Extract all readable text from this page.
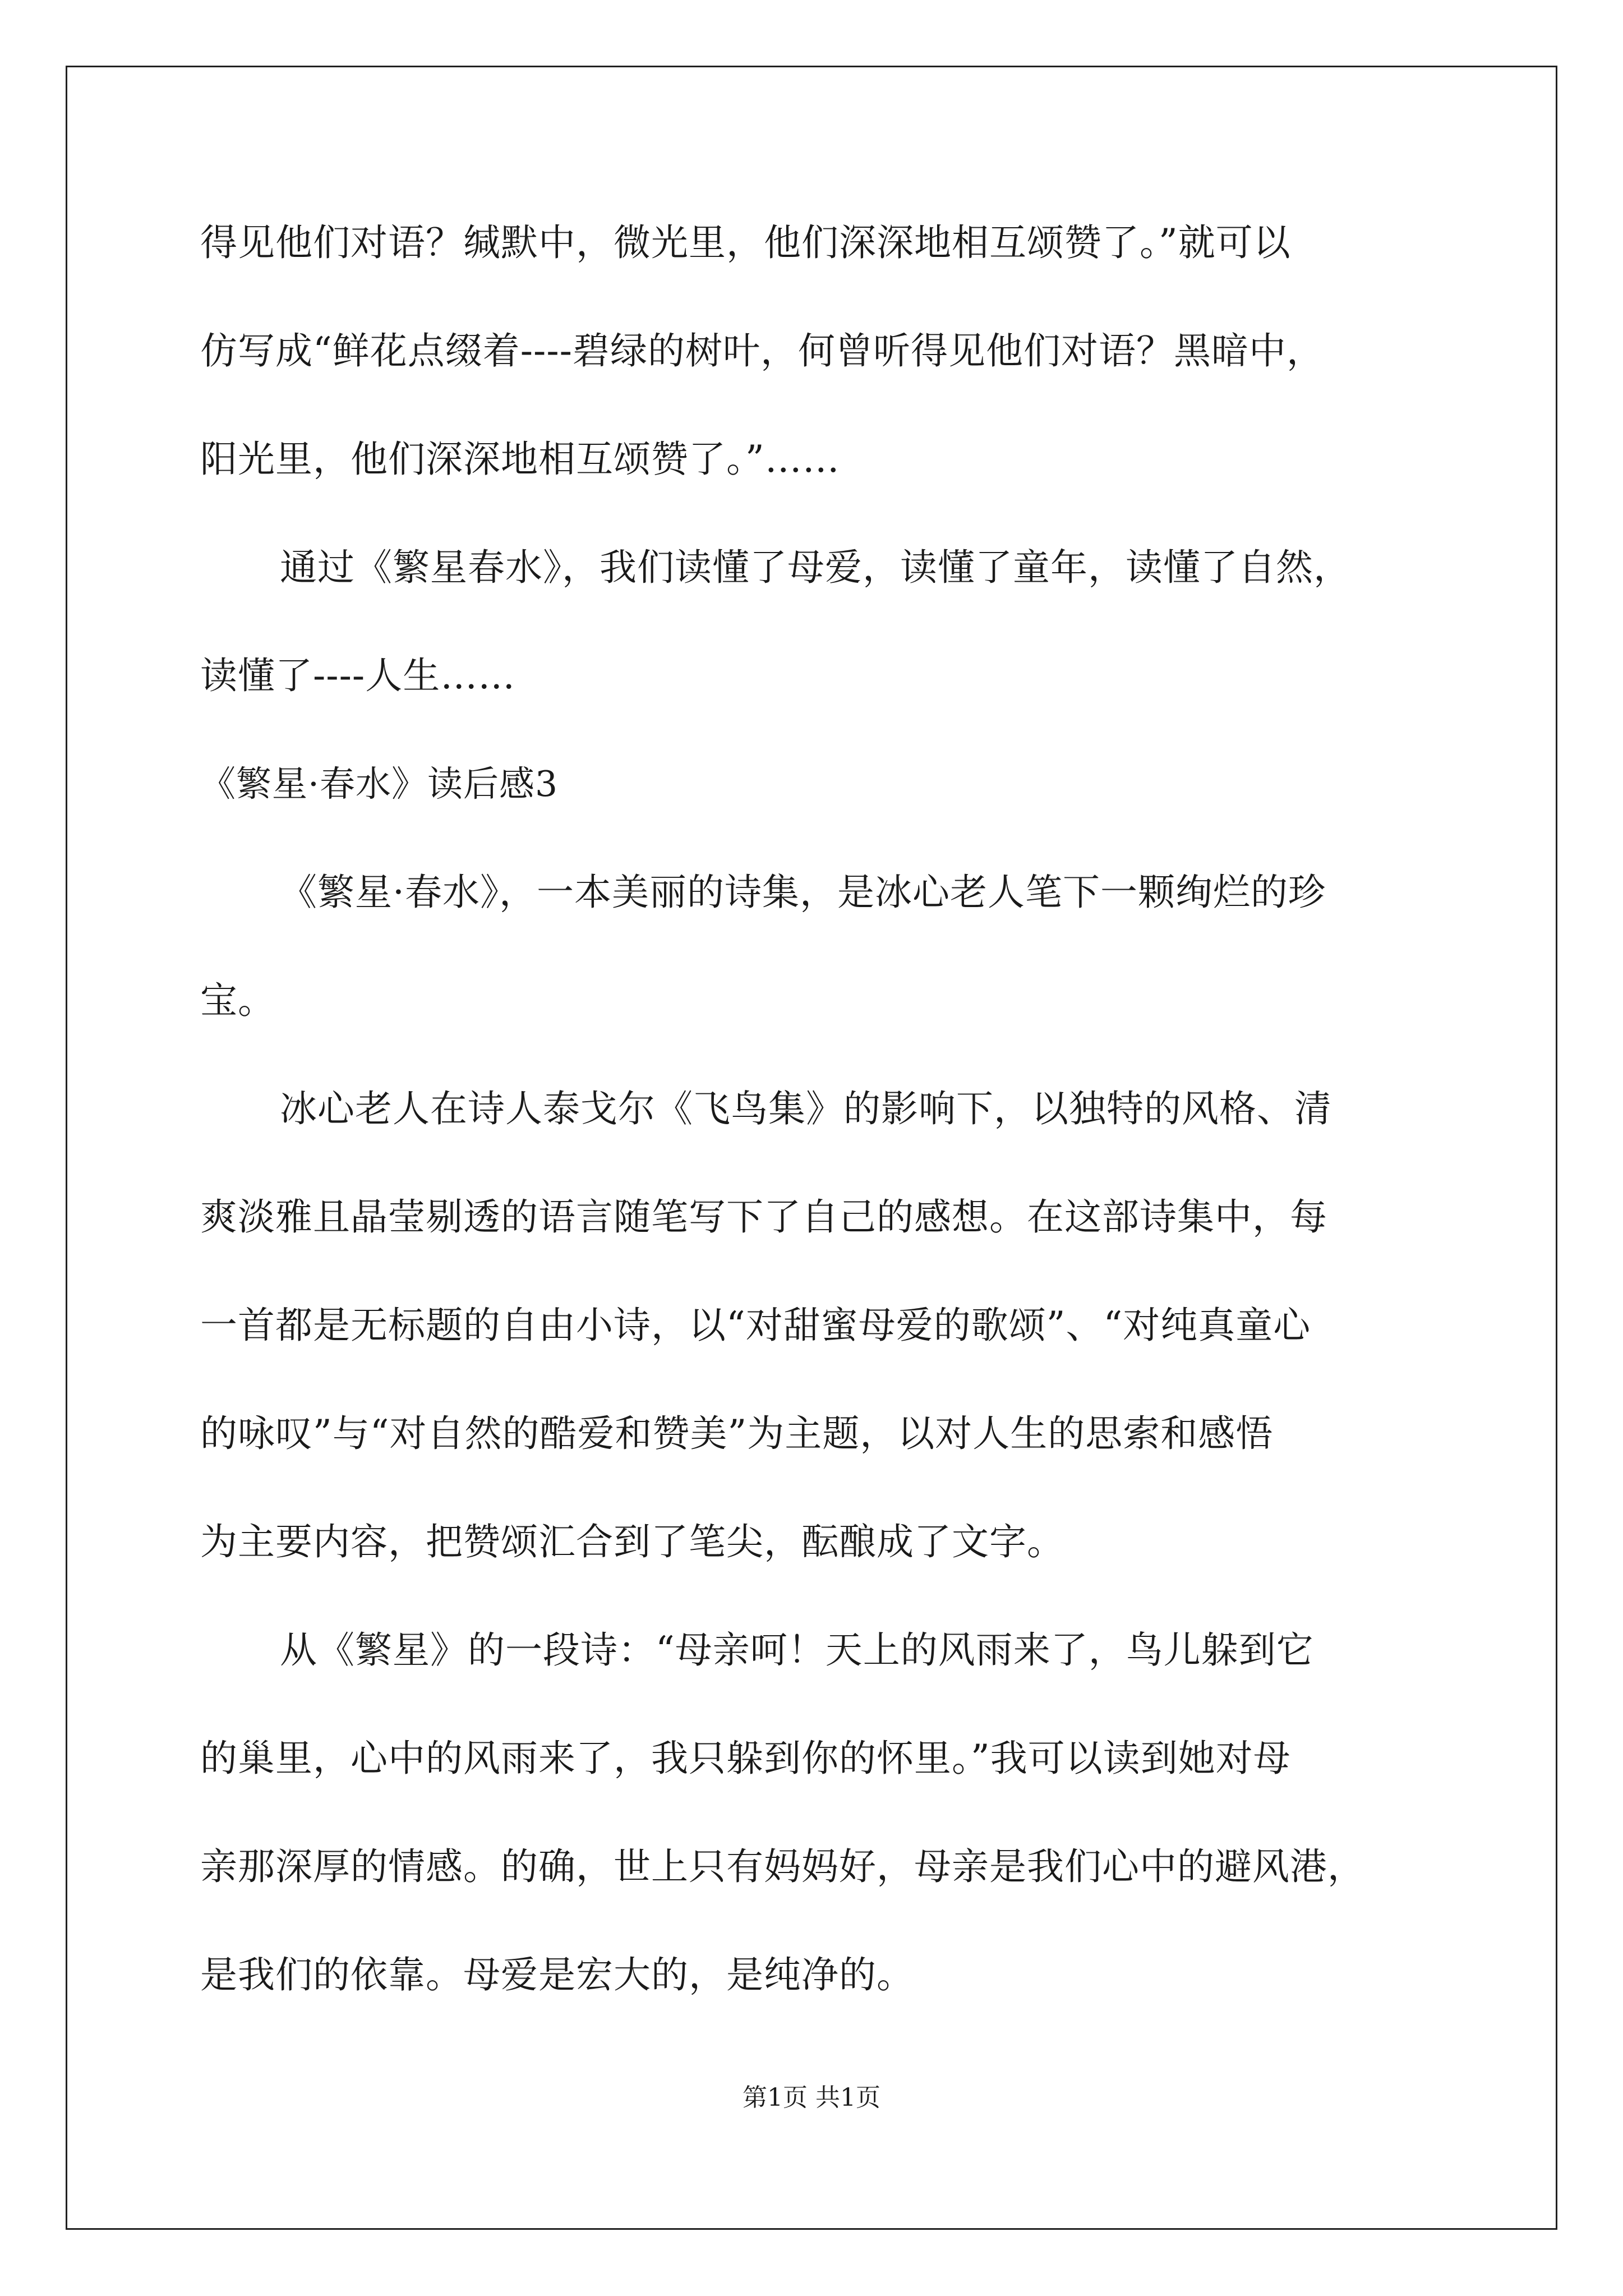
得见他们对语？缄默中，微光里，他们深深地相互颂赞了。”就可以
仿写成“鲜花点缀着----碧绿的树叶，何曾听得见他们对语？黑暗中，
阳光里，他们深深地相互颂赞了。”……
通过《繁星春水》，我们读懂了母爱，读懂了童年，读懂了自然，
读懂了----人生……
《繁星·春水》读后感3
《繁星·春水》，一本美丽的诗集，是冰心老人笔下一颗绚烂的珍
宝。
冰心老人在诗人泰戈尔《飞鸟集》的影响下，以独特的风格、清
爽淡雅且晶莹剔透的语言随笔写下了自己的感想。在这部诗集中，每
一首都是无标题的自由小诗，以“对甜蜜母爱的歌颂”、“对纯真童心
的咏叹”与“对自然的酷爱和赞美”为主题，以对人生的思索和感悟
为主要内容，把赞颂汇合到了笔尖，酝酿成了文字。
从《繁星》的一段诗：“母亲呵！天上的风雨来了，鸟儿躲到它
的巢里，心中的风雨来了，我只躲到你的怀里。”我可以读到她对母
亲那深厚的情感。的确，世上只有妈妈好，母亲是我们心中的避风港，
是我们的依靠。母爱是宏大的，是纯净的。
第1页 共1页
